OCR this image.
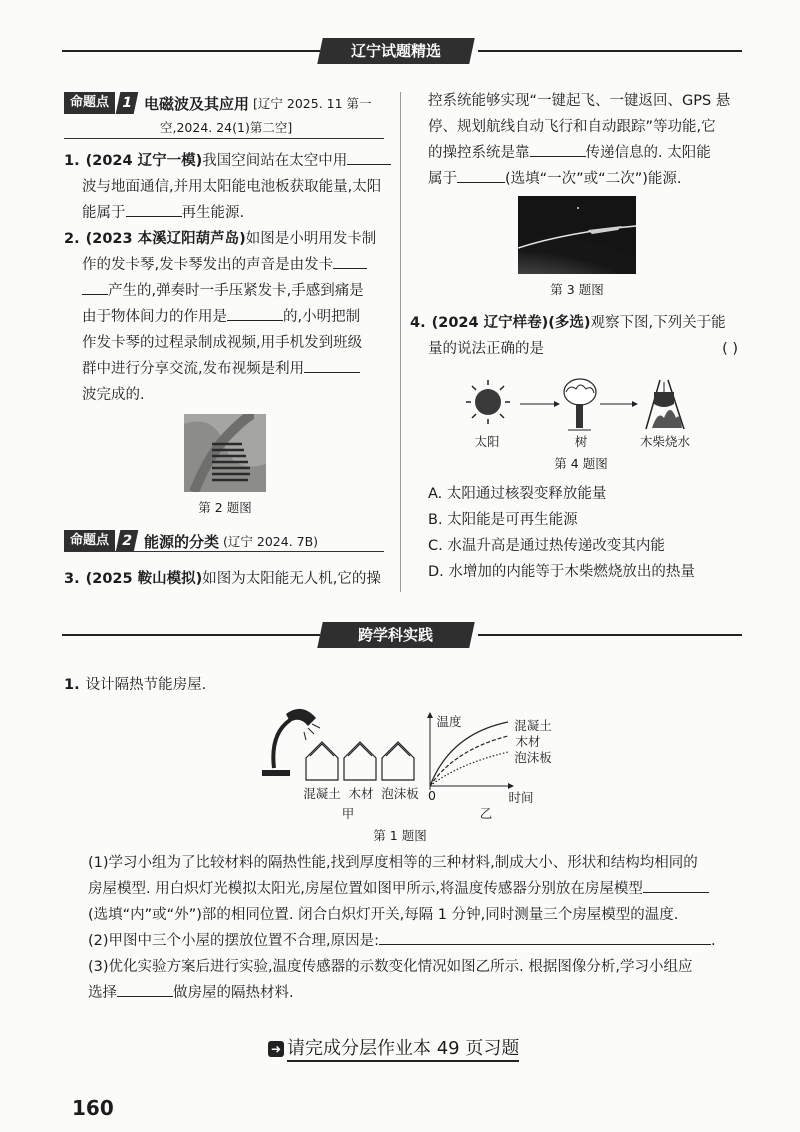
辽宁试题精选
命题点 1 电磁波及其应用 [辽宁 2025. 11 第一
空,2024. 24(1)第二空]
1. (2024 辽宁一模)我国空间站在太空中用
波与地面通信,并用太阳能电池板获取能量,太阳
能属于	再生能源.
2. (2023 本溪辽阳葫芦岛)如图是小明用发卡制
作的发卡琴,发卡琴发出的声音是由发卡
产生的,弹奏时一手压紧发卡,手感到痛是
由于物体间力的作用是	的,小明把制
作发卡琴的过程录制成视频,用手机发到班级
群中进行分享交流,发布视频是利用
波完成的.
第 2 题图
命题点 2 能源的分类 (辽宁 2024. 7B)
3. (2025 鞍山模拟)如图为太阳能无人机,它的操
控系统能够实现“一键起飞、一键返回、GPS 悬
停、规划航线自动飞行和自动跟踪”等功能,它
的操控系统是靠	传递信息的. 太阳能
属于	(选填“一次”或“二次”)能源.
第 3 题图
4. (2024 辽宁样卷)(多选)观察下图,下列关于能
量的说法正确的是	( )
太阳	树	木柴烧水
第 4 题图
A. 太阳通过核裂变释放能量
B. 太阳能是可再生能源
C. 水温升高是通过热传递改变其内能
D. 水增加的内能等于木柴燃烧放出的热量
跨学科实践
1. 设计隔热节能房屋.
混凝土 木材 泡沫板
甲
温度	混凝土
木材
泡沫板
0	时间
乙
第 1 题图
(1)学习小组为了比较材料的隔热性能,找到厚度相等的三种材料,制成大小、形状和结构均相同的
房屋模型. 用白炽灯光模拟太阳光,房屋位置如图甲所示,将温度传感器分别放在房屋模型
(选填“内”或“外”)部的相同位置. 闭合白炽灯开关,每隔 1 分钟,同时测量三个房屋模型的温度.
(2)甲图中三个小屋的摆放位置不合理,原因是:	.
(3)优化实验方案后进行实验,温度传感器的示数变化情况如图乙所示. 根据图像分析,学习小组应
选择	做房屋的隔热材料.
➜ 请完成分层作业本 49 页习题
160
